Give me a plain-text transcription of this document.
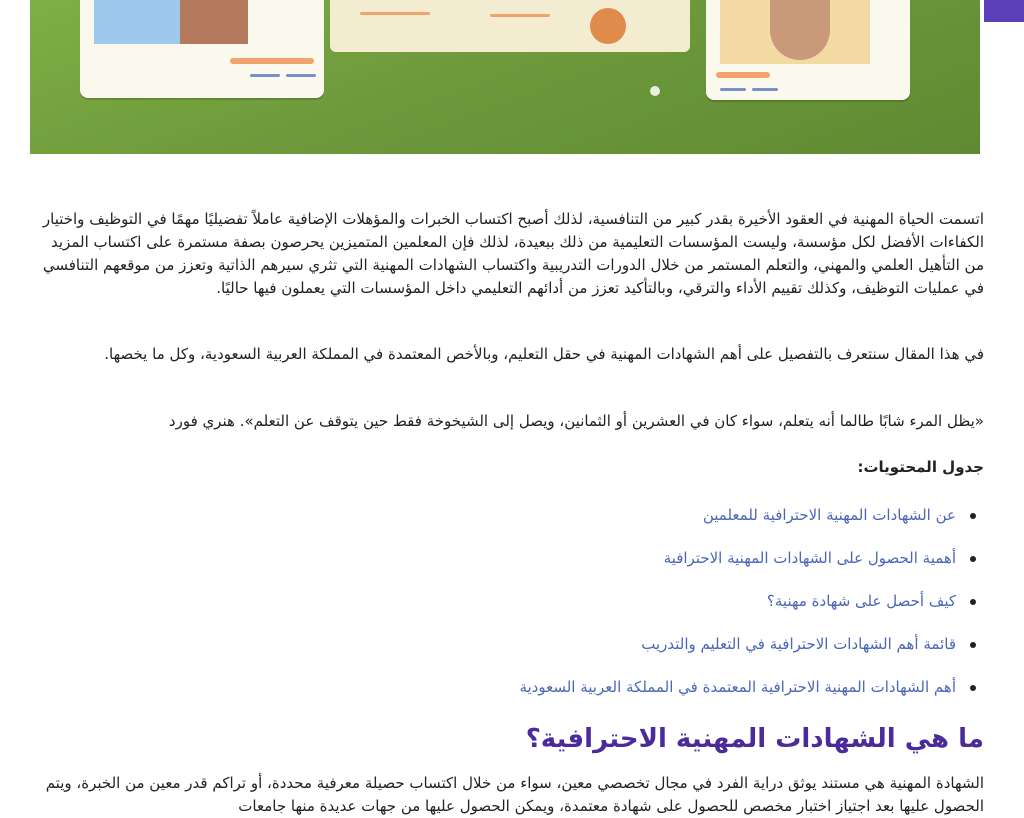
اتسمت الحياة المهنية في العقود الأخيرة بقدر كبير من التنافسية، لذلك أصبح اكتساب الخبرات والمؤهلات الإضافية عاملاً تفضيليًا مهمًا في التوظيف واختيار الكفاءات الأفضل لكل مؤسسة، وليست المؤسسات التعليمية من ذلك ببعيدة، لذلك فإن المعلمين المتميزين يحرصون بصفة مستمرة على اكتساب المزيد من التأهيل العلمي والمهني، والتعلم المستمر من خلال الدورات التدريبية واكتساب الشهادات المهنية التي تثري سيرهم الذاتية وتعزز من موقعهم التنافسي في عمليات التوظيف، وكذلك تقييم الأداء والترقي، وبالتأكيد تعزز من أدائهم التعليمي داخل المؤسسات التي يعملون فيها حاليًا.

في هذا المقال سنتعرف بالتفصيل على أهم الشهادات المهنية في حقل التعليم، وبالأخص المعتمدة في المملكة العربية السعودية، وكل ما يخصها.

«يظل المرء شابًا طالما أنه يتعلم، سواء كان في العشرين أو الثمانين، ويصل إلى الشيخوخة فقط حين يتوقف عن التعلم». هنري فورد

جدول المحتويات:

عن الشهادات المهنية الاحترافية للمعلمين
أهمية الحصول على الشهادات المهنية الاحترافية
كيف أحصل على شهادة مهنية؟
قائمة أهم الشهادات الاحترافية في التعليم والتدريب
أهم الشهادات المهنية الاحترافية المعتمدة في المملكة العربية السعودية
ما هي الشهادات المهنية الاحترافية؟

الشهادة المهنية هي مستند يوثق دراية الفرد في مجال تخصصي معين، سواء من خلال اكتساب حصيلة معرفية محددة، أو تراكم قدر معين من الخبرة، ويتم الحصول عليها بعد اجتياز اختبار مخصص للحصول على شهادة معتمدة، ويمكن الحصول عليها من جهات عديدة منها جامعات
